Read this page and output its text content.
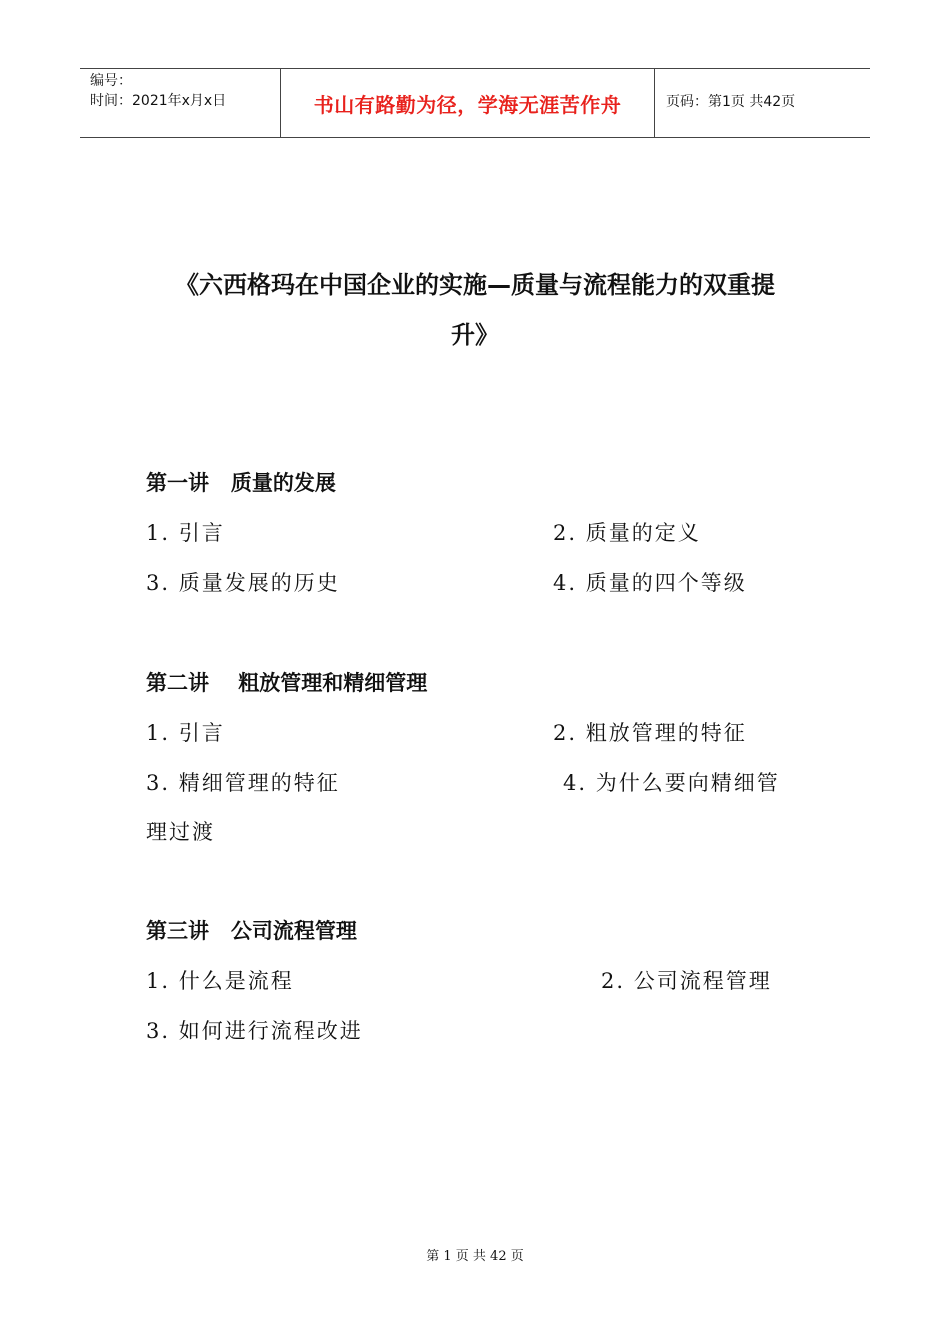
编号：
时间：2021年x月x日	书山有路勤为径，学海无涯苦作舟	页码：第1页 共42页
《六西格玛在中国企业的实施—质量与流程能力的双重提
升》
第一讲   质量的发展
1. 引言	2. 质量的定义
3. 质量发展的历史	4. 质量的四个等级
第二讲    粗放管理和精细管理
1. 引言	2. 粗放管理的特征
3. 精细管理的特征	4. 为什么要向精细管
理过渡
第三讲   公司流程管理
1. 什么是流程	2. 公司流程管理
3. 如何进行流程改进
第 1 页 共 42 页
